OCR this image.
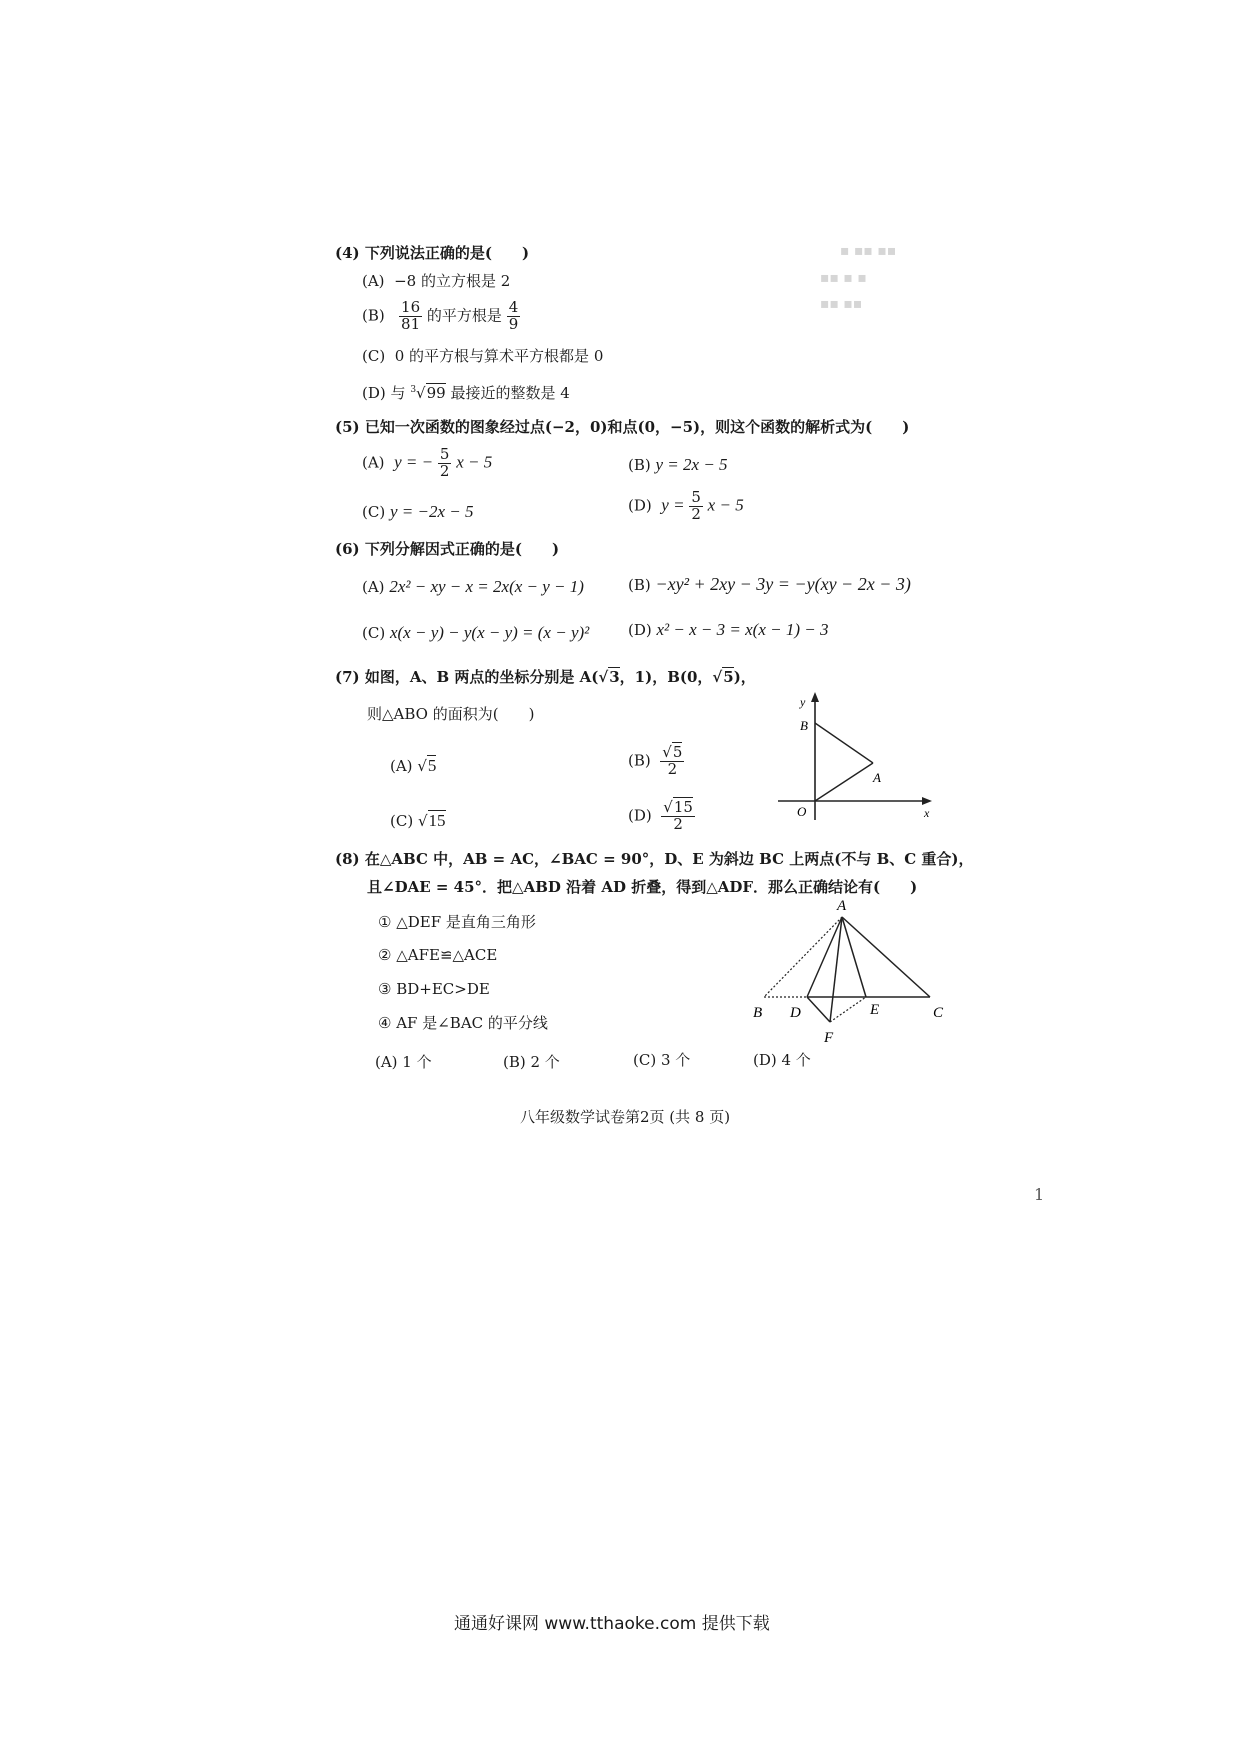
▪ ▪▪ ▪▪
▪▪ ▪ ▪
▪▪ ▪▪
(4) 下列说法正确的是(　　)
(A) −8 的立方根是 2
$(B) \frac{16}{81}$ 的平方根是 $\frac{4}{9}$
(C) 0 的平方根与算术平方根都是 0
(D) 与 $^3$√99 最接近的整数是 4
(5) 已知一次函数的图象经过点(−2，0)和点(0，−5)，则这个函数的解析式为(　　)
(A) y = − $\frac{5}{2}$ x − 5	(B) y = 2x − 5
(C) y = −2x − 5	(D) $y = \frac{5}{2}$ x − 5
(6) 下列分解因式正确的是(　　)
(A) 2x² − xy − x = 2x(x − y − 1)	(B) −xy² + 2xy − 3y = −y(xy − 2x − 3)
(C) x(x − y) − y(x − y) = (x − y)²	(D) x² − x − 3 = x(x − 1) − 3
(7) 如图，A、B 两点的坐标分别是 A(√3，1)，B(0，√5)，
则△ABO 的面积为(　　)
(A) √5	$(B) \frac{√5}{2}$
(C) √15	$(D) \frac{√15}{2}$
y
B
A
O	x
(8) 在△ABC 中，AB = AC，∠BAC = 90°，D、E 为斜边 BC 上两点(不与 B、C 重合)，
且∠DAE = 45°．把△ABD 沿着 AD 折叠，得到△ADF．那么正确结论有(　　)
① △DEF 是直角三角形
② △AFE≌△ACE
③ BD+EC>DE
④ AF 是∠BAC 的平分线
(A) 1 个	(B) 2 个	(C) 3 个	(D) 4 个
A
B D	E	C
F
八年级数学试卷第2页 (共 8 页)
1
通通好课网 www.tthaoke.com 提供下载
